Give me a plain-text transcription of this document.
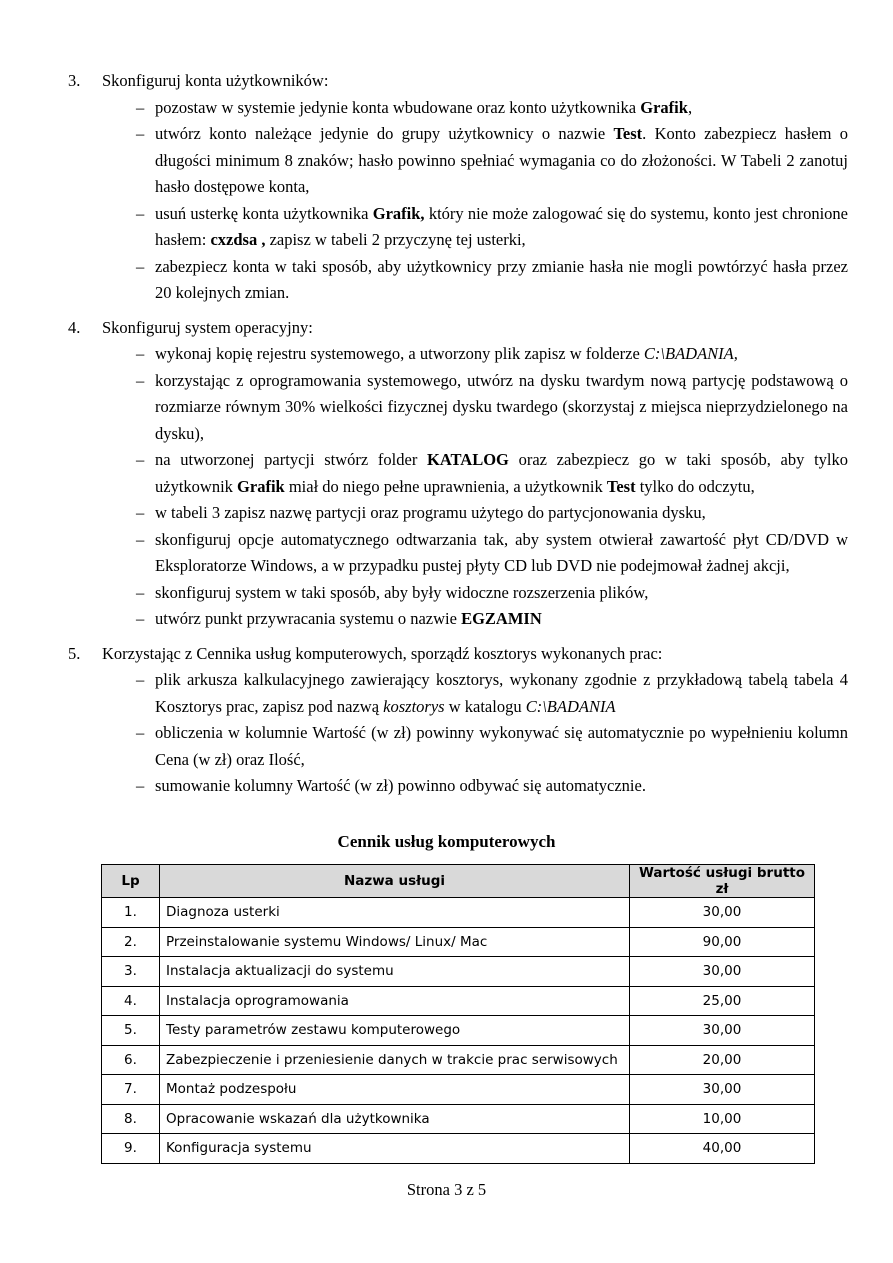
3. Skonfiguruj konta użytkowników:
– pozostaw w systemie jedynie konta wbudowane oraz konto użytkownika Grafik,
– utwórz konto należące jedynie do grupy użytkownicy o nazwie Test. Konto zabezpiecz hasłem o długości minimum 8 znaków; hasło powinno spełniać wymagania co do złożoności. W Tabeli 2 zanotuj hasło dostępowe konta,
– usuń usterkę konta użytkownika Grafik, który nie może zalogować się do systemu, konto jest chronione hasłem: cxzdsa , zapisz w tabeli 2 przyczynę tej usterki,
– zabezpiecz konta w taki sposób, aby użytkownicy przy zmianie hasła nie mogli powtórzyć hasła przez 20 kolejnych zmian.
4. Skonfiguruj system operacyjny:
– wykonaj kopię rejestru systemowego, a utworzony plik zapisz w folderze C:\BADANIA,
– korzystając z oprogramowania systemowego, utwórz na dysku twardym nową partycję podstawową o rozmiarze równym 30% wielkości fizycznej dysku twardego (skorzystaj z miejsca nieprzydzielonego na dysku),
– na utworzonej partycji stwórz folder KATALOG oraz zabezpiecz go w taki sposób, aby tylko użytkownik Grafik miał do niego pełne uprawnienia, a użytkownik Test tylko do odczytu,
– w tabeli 3 zapisz nazwę partycji oraz programu użytego do partycjonowania dysku,
– skonfiguruj opcje automatycznego odtwarzania tak, aby system otwierał zawartość płyt CD/DVD w Eksploratorze Windows, a w przypadku pustej płyty CD lub DVD nie podejmował żadnej akcji,
– skonfiguruj system w taki sposób, aby były widoczne rozszerzenia plików,
– utwórz punkt przywracania systemu o nazwie EGZAMIN
5. Korzystając z Cennika usług komputerowych, sporządź kosztorys wykonanych prac:
– plik arkusza kalkulacyjnego zawierający kosztorys, wykonany zgodnie z przykładową tabelą tabela 4 Kosztorys prac, zapisz pod nazwą kosztorys w katalogu C:\BADANIA
– obliczenia w kolumnie Wartość (w zł) powinny wykonywać się automatycznie po wypełnieniu kolumn Cena (w zł) oraz Ilość,
– sumowanie kolumny Wartość (w zł) powinno odbywać się automatycznie.
Cennik usług komputerowych
Lp	Nazwa usługi	Wartość usługi brutto zł
1.	Diagnoza usterki	30,00
2.	Przeinstalowanie systemu Windows/ Linux/ Mac	90,00
3.	Instalacja aktualizacji do systemu	30,00
4.	Instalacja oprogramowania	25,00
5.	Testy parametrów zestawu komputerowego	30,00
6.	Zabezpieczenie i przeniesienie danych w trakcie prac serwisowych	20,00
7.	Montaż podzespołu	30,00
8.	Opracowanie wskazań dla użytkownika	10,00
9.	Konfiguracja systemu	40,00
Strona 3 z 5
